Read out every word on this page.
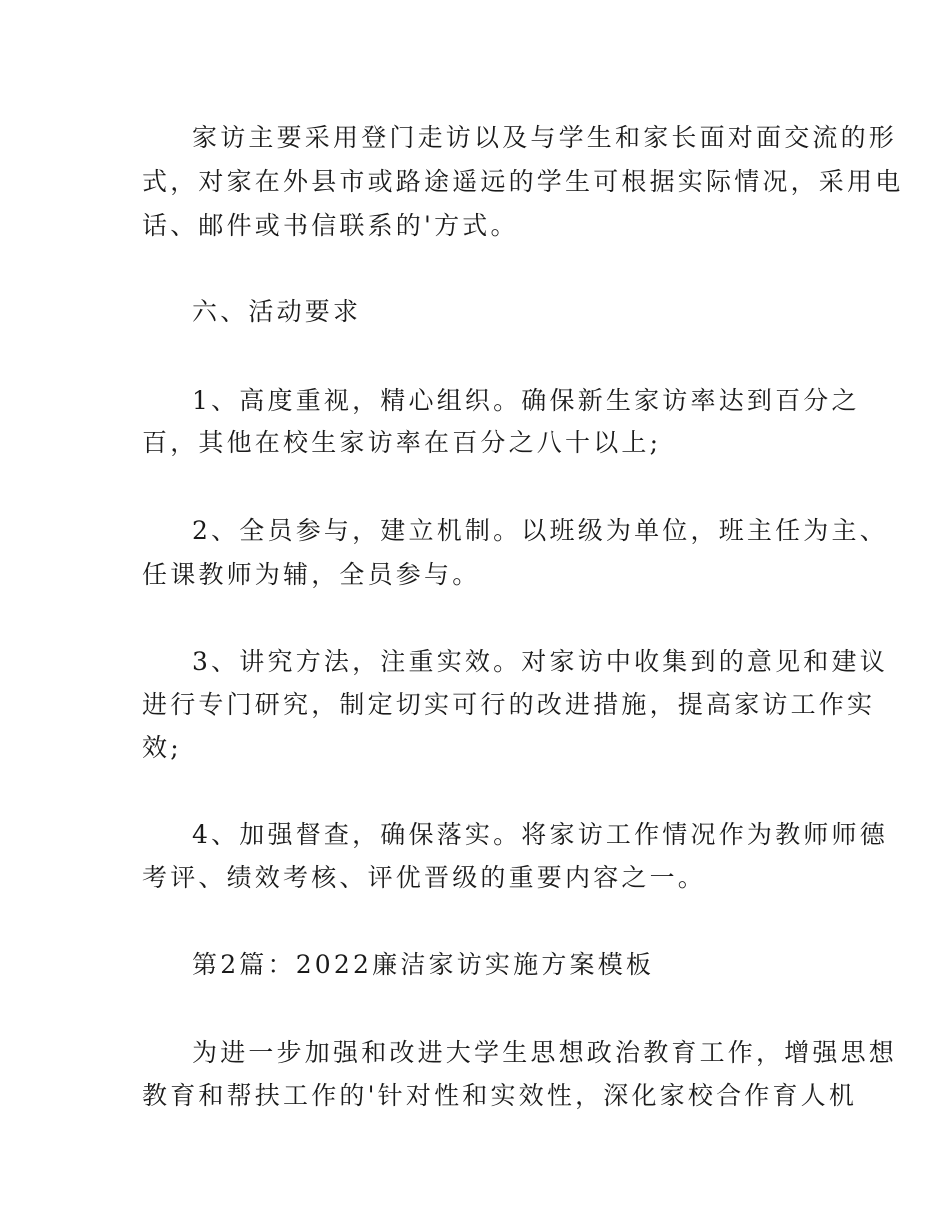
家访主要采用登门走访以及与学生和家长面对面交流的形
式，对家在外县市或路途遥远的学生可根据实际情况，采用电
话、邮件或书信联系的'方式。
六、活动要求
1、高度重视，精心组织。确保新生家访率达到百分之
百，其他在校生家访率在百分之八十以上;
2、全员参与，建立机制。以班级为单位，班主任为主、
任课教师为辅，全员参与。
3、讲究方法，注重实效。对家访中收集到的意见和建议
进行专门研究，制定切实可行的改进措施，提高家访工作实
效;
4、加强督查，确保落实。将家访工作情况作为教师师德
考评、绩效考核、评优晋级的重要内容之一。
第2篇：2022廉洁家访实施方案模板
为进一步加强和改进大学生思想政治教育工作，增强思想
教育和帮扶工作的'针对性和实效性，深化家校合作育人机
